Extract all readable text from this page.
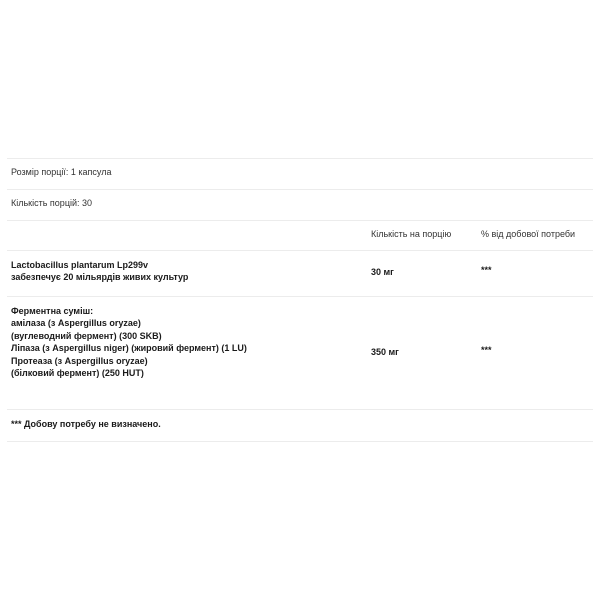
Розмір порції: 1 капсула
Кількість порцій: 30
Кількість на порцію	% від добової потреби
Lactobacillus plantarum Lp299v
забезпечує 20 мільярдів живих культур
30 мг	***
Ферментна суміш:
амілаза (з Aspergillus oryzae)
(вуглеводний фермент) (300 SKB)
Ліпаза (з Aspergillus niger) (жировий фермент) (1 LU)
Протеаза (з Aspergillus oryzae)
(білковий фермент) (250 HUT)
350 мг	***
*** Добову потребу не визначено.
